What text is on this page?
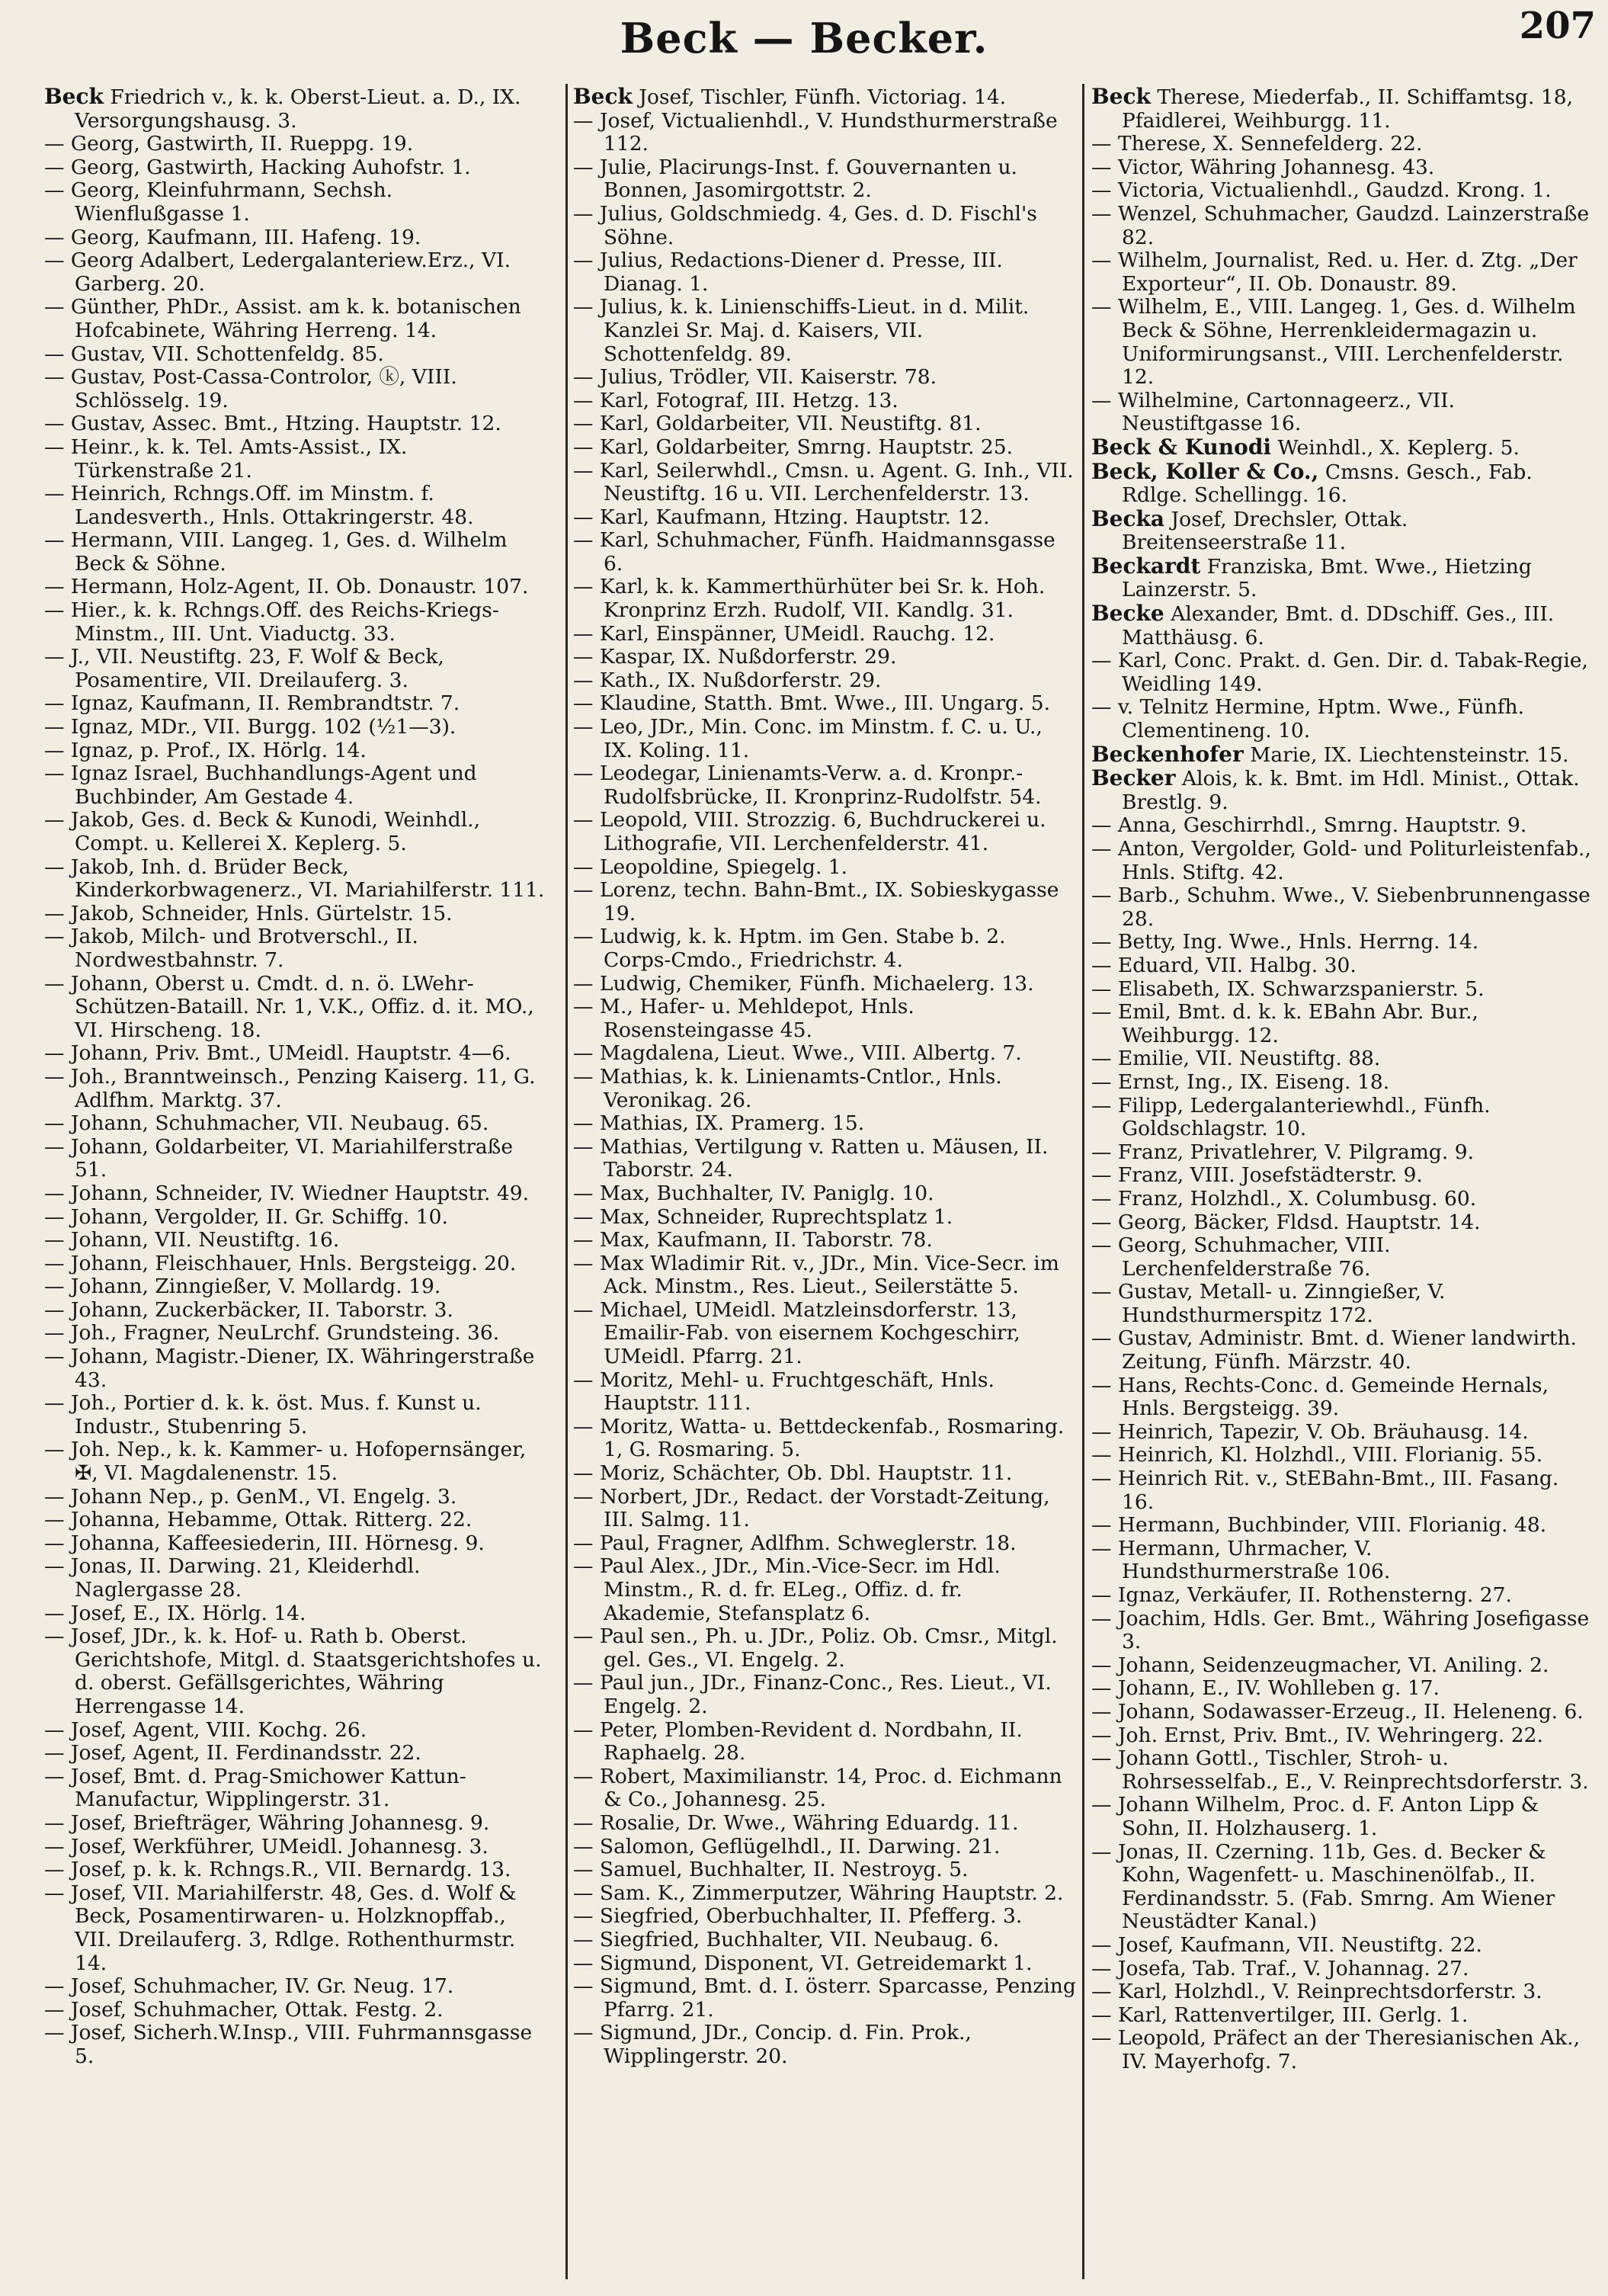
Beck — Becker.	207
Beck Friedrich v., k. k. Oberst-Lieut. a. D., IX. Versorgungshausg. 3.
— Georg, Gastwirth, II. Rueppg. 19.
— Georg, Gastwirth, Hacking Auhofstr. 1.
— Georg, Kleinfuhrmann, Sechsh. Wienflußgasse 1.
— Georg, Kaufmann, III. Hafeng. 19.
— Georg Adalbert, Ledergalanteriew.Erz., VI. Garberg. 20.
— Günther, PhDr., Assist. am k. k. botanischen Hofcabinete, Währing Herreng. 14.
— Gustav, VII. Schottenfeldg. 85.
— Gustav, Post-Cassa-Controlor, ⓚ, VIII. Schlösselg. 19.
— Gustav, Assec. Bmt., Htzing. Hauptstr. 12.
— Heinr., k. k. Tel. Amts-Assist., IX. Türkenstraße 21.
— Heinrich, Rchngs.Off. im Minstm. f. Landesverth., Hnls. Ottakringerstr. 48.
— Hermann, VIII. Langeg. 1, Ges. d. Wilhelm Beck & Söhne.
— Hermann, Holz-Agent, II. Ob. Donaustr. 107.
— Hier., k. k. Rchngs.Off. des Reichs-Kriegs-Minstm., III. Unt. Viaductg. 33.
— J., VII. Neustiftg. 23, F. Wolf & Beck, Posamentire, VII. Dreilauferg. 3.
— Ignaz, Kaufmann, II. Rembrandtstr. 7.
— Ignaz, MDr., VII. Burgg. 102 (½1—3).
— Ignaz, p. Prof., IX. Hörlg. 14.
— Ignaz Israel, Buchhandlungs-Agent und Buchbinder, Am Gestade 4.
— Jakob, Ges. d. Beck & Kunodi, Weinhdl., Compt. u. Kellerei X. Keplerg. 5.
— Jakob, Inh. d. Brüder Beck, Kinderkorbwagenerz., VI. Mariahilferstr. 111.
— Jakob, Schneider, Hnls. Gürtelstr. 15.
— Jakob, Milch- und Brotverschl., II. Nordwestbahnstr. 7.
— Johann, Oberst u. Cmdt. d. n. ö. LWehr-Schützen-Bataill. Nr. 1, V.K., Offiz. d. it. MO., VI. Hirscheng. 18.
— Johann, Priv. Bmt., UMeidl. Hauptstr. 4—6.
— Joh., Branntweinsch., Penzing Kaiserg. 11, G. Adlfhm. Marktg. 37.
— Johann, Schuhmacher, VII. Neubaug. 65.
— Johann, Goldarbeiter, VI. Mariahilferstraße 51.
— Johann, Schneider, IV. Wiedner Hauptstr. 49.
— Johann, Vergolder, II. Gr. Schiffg. 10.
— Johann, VII. Neustiftg. 16.
— Johann, Fleischhauer, Hnls. Bergsteigg. 20.
— Johann, Zinngießer, V. Mollardg. 19.
— Johann, Zuckerbäcker, II. Taborstr. 3.
— Joh., Fragner, NeuLrchf. Grundsteing. 36.
— Johann, Magistr.-Diener, IX. Währingerstraße 43.
— Joh., Portier d. k. k. öst. Mus. f. Kunst u. Industr., Stubenring 5.
— Joh. Nep., k. k. Kammer- u. Hofopernsänger, ✠, VI. Magdalenenstr. 15.
— Johann Nep., p. GenM., VI. Engelg. 3.
— Johanna, Hebamme, Ottak. Ritterg. 22.
— Johanna, Kaffeesiederin, III. Hörnesg. 9.
— Jonas, II. Darwing. 21, Kleiderhdl. Naglergasse 28.
— Josef, E., IX. Hörlg. 14.
— Josef, JDr., k. k. Hof- u. Rath b. Oberst. Gerichtshofe, Mitgl. d. Staatsgerichtshofes u. d. oberst. Gefällsgerichtes, Währing Herrengasse 14.
— Josef, Agent, VIII. Kochg. 26.
— Josef, Agent, II. Ferdinandsstr. 22.
— Josef, Bmt. d. Prag-Smichower Kattun-Manufactur, Wipplingerstr. 31.
— Josef, Briefträger, Währing Johannesg. 9.
— Josef, Werkführer, UMeidl. Johannesg. 3.
— Josef, p. k. k. Rchngs.R., VII. Bernardg. 13.
— Josef, VII. Mariahilferstr. 48, Ges. d. Wolf & Beck, Posamentirwaren- u. Holzknopffab., VII. Dreilauferg. 3, Rdlge. Rothenthurmstr. 14.
— Josef, Schuhmacher, IV. Gr. Neug. 17.
— Josef, Schuhmacher, Ottak. Festg. 2.
— Josef, Sicherh.W.Insp., VIII. Fuhrmannsgasse 5.
Beck Josef, Tischler, Fünfh. Victoriag. 14.
— Josef, Victualienhdl., V. Hundsthurmerstraße 112.
— Julie, Placirungs-Inst. f. Gouvernanten u. Bonnen, Jasomirgottstr. 2.
— Julius, Goldschmiedg. 4, Ges. d. D. Fischl's Söhne.
— Julius, Redactions-Diener d. Presse, III. Dianag. 1.
— Julius, k. k. Linienschiffs-Lieut. in d. Milit. Kanzlei Sr. Maj. d. Kaisers, VII. Schottenfeldg. 89.
— Julius, Trödler, VII. Kaiserstr. 78.
— Karl, Fotograf, III. Hetzg. 13.
— Karl, Goldarbeiter, VII. Neustiftg. 81.
— Karl, Goldarbeiter, Smrng. Hauptstr. 25.
— Karl, Seilerwhdl., Cmsn. u. Agent. G. Inh., VII. Neustiftg. 16 u. VII. Lerchenfelderstr. 13.
— Karl, Kaufmann, Htzing. Hauptstr. 12.
— Karl, Schuhmacher, Fünfh. Haidmannsgasse 6.
— Karl, k. k. Kammerthürhüter bei Sr. k. Hoh. Kronprinz Erzh. Rudolf, VII. Kandlg. 31.
— Karl, Einspänner, UMeidl. Rauchg. 12.
— Kaspar, IX. Nußdorferstr. 29.
— Kath., IX. Nußdorferstr. 29.
— Klaudine, Statth. Bmt. Wwe., III. Ungarg. 5.
— Leo, JDr., Min. Conc. im Minstm. f. C. u. U., IX. Koling. 11.
— Leodegar, Linienamts-Verw. a. d. Kronpr.-Rudolfsbrücke, II. Kronprinz-Rudolfstr. 54.
— Leopold, VIII. Strozzig. 6, Buchdruckerei u. Lithografie, VII. Lerchenfelderstr. 41.
— Leopoldine, Spiegelg. 1.
— Lorenz, techn. Bahn-Bmt., IX. Sobieskygasse 19.
— Ludwig, k. k. Hptm. im Gen. Stabe b. 2. Corps-Cmdo., Friedrichstr. 4.
— Ludwig, Chemiker, Fünfh. Michaelerg. 13.
— M., Hafer- u. Mehldepot, Hnls. Rosensteingasse 45.
— Magdalena, Lieut. Wwe., VIII. Albertg. 7.
— Mathias, k. k. Linienamts-Cntlor., Hnls. Veronikag. 26.
— Mathias, IX. Pramerg. 15.
— Mathias, Vertilgung v. Ratten u. Mäusen, II. Taborstr. 24.
— Max, Buchhalter, IV. Paniglg. 10.
— Max, Schneider, Ruprechtsplatz 1.
— Max, Kaufmann, II. Taborstr. 78.
— Max Wladimir Rit. v., JDr., Min. Vice-Secr. im Ack. Minstm., Res. Lieut., Seilerstätte 5.
— Michael, UMeidl. Matzleinsdorferstr. 13, Emailir-Fab. von eisernem Kochgeschirr, UMeidl. Pfarrg. 21.
— Moritz, Mehl- u. Fruchtgeschäft, Hnls. Hauptstr. 111.
— Moritz, Watta- u. Bettdeckenfab., Rosmaring. 1, G. Rosmaring. 5.
— Moriz, Schächter, Ob. Dbl. Hauptstr. 11.
— Norbert, JDr., Redact. der Vorstadt-Zeitung, III. Salmg. 11.
— Paul, Fragner, Adlfhm. Schweglerstr. 18.
— Paul Alex., JDr., Min.-Vice-Secr. im Hdl. Minstm., R. d. fr. ELeg., Offiz. d. fr. Akademie, Stefansplatz 6.
— Paul sen., Ph. u. JDr., Poliz. Ob. Cmsr., Mitgl. gel. Ges., VI. Engelg. 2.
— Paul jun., JDr., Finanz-Conc., Res. Lieut., VI. Engelg. 2.
— Peter, Plomben-Revident d. Nordbahn, II. Raphaelg. 28.
— Robert, Maximilianstr. 14, Proc. d. Eichmann & Co., Johannesg. 25.
— Rosalie, Dr. Wwe., Währing Eduardg. 11.
— Salomon, Geflügelhdl., II. Darwing. 21.
— Samuel, Buchhalter, II. Nestroyg. 5.
— Sam. K., Zimmerputzer, Währing Hauptstr. 2.
— Siegfried, Oberbuchhalter, II. Pfefferg. 3.
— Siegfried, Buchhalter, VII. Neubaug. 6.
— Sigmund, Disponent, VI. Getreidemarkt 1.
— Sigmund, Bmt. d. I. österr. Sparcasse, Penzing Pfarrg. 21.
— Sigmund, JDr., Concip. d. Fin. Prok., Wipplingerstr. 20.
Beck Therese, Miederfab., II. Schiffamtsg. 18, Pfaidlerei, Weihburgg. 11.
— Therese, X. Sennefelderg. 22.
— Victor, Währing Johannesg. 43.
— Victoria, Victualienhdl., Gaudzd. Krong. 1.
— Wenzel, Schuhmacher, Gaudzd. Lainzerstraße 82.
— Wilhelm, Journalist, Red. u. Her. d. Ztg. „Der Exporteur“, II. Ob. Donaustr. 89.
— Wilhelm, E., VIII. Langeg. 1, Ges. d. Wilhelm Beck & Söhne, Herrenkleidermagazin u. Uniformirungsanst., VIII. Lerchenfelderstr. 12.
— Wilhelmine, Cartonnageerz., VII. Neustiftgasse 16.
Beck & Kunodi Weinhdl., X. Keplerg. 5.
Beck, Koller & Co., Cmsns. Gesch., Fab. Rdlge. Schellingg. 16.
Becka Josef, Drechsler, Ottak. Breitenseerstraße 11.
Beckardt Franziska, Bmt. Wwe., Hietzing Lainzerstr. 5.
Becke Alexander, Bmt. d. DDschiff. Ges., III. Matthäusg. 6.
— Karl, Conc. Prakt. d. Gen. Dir. d. Tabak-Regie, Weidling 149.
— v. Telnitz Hermine, Hptm. Wwe., Fünfh. Clementineng. 10.
Beckenhofer Marie, IX. Liechtensteinstr. 15.
Becker Alois, k. k. Bmt. im Hdl. Minist., Ottak. Brestlg. 9.
— Anna, Geschirrhdl., Smrng. Hauptstr. 9.
— Anton, Vergolder, Gold- und Politurleistenfab., Hnls. Stiftg. 42.
— Barb., Schuhm. Wwe., V. Siebenbrunnengasse 28.
— Betty, Ing. Wwe., Hnls. Herrng. 14.
— Eduard, VII. Halbg. 30.
— Elisabeth, IX. Schwarzspanierstr. 5.
— Emil, Bmt. d. k. k. EBahn Abr. Bur., Weihburgg. 12.
— Emilie, VII. Neustiftg. 88.
— Ernst, Ing., IX. Eiseng. 18.
— Filipp, Ledergalanteriewhdl., Fünfh. Goldschlagstr. 10.
— Franz, Privatlehrer, V. Pilgramg. 9.
— Franz, VIII. Josefstädterstr. 9.
— Franz, Holzhdl., X. Columbusg. 60.
— Georg, Bäcker, Fldsd. Hauptstr. 14.
— Georg, Schuhmacher, VIII. Lerchenfelderstraße 76.
— Gustav, Metall- u. Zinngießer, V. Hundsthurmerspitz 172.
— Gustav, Administr. Bmt. d. Wiener landwirth. Zeitung, Fünfh. Märzstr. 40.
— Hans, Rechts-Conc. d. Gemeinde Hernals, Hnls. Bergsteigg. 39.
— Heinrich, Tapezir, V. Ob. Bräuhausg. 14.
— Heinrich, Kl. Holzhdl., VIII. Florianig. 55.
— Heinrich Rit. v., StEBahn-Bmt., III. Fasang. 16.
— Hermann, Buchbinder, VIII. Florianig. 48.
— Hermann, Uhrmacher, V. Hundsthurmerstraße 106.
— Ignaz, Verkäufer, II. Rothensterng. 27.
— Joachim, Hdls. Ger. Bmt., Währing Josefigasse 3.
— Johann, Seidenzeugmacher, VI. Aniling. 2.
— Johann, E., IV. Wohlleben g. 17.
— Johann, Sodawasser-Erzeug., II. Heleneng. 6.
— Joh. Ernst, Priv. Bmt., IV. Wehringerg. 22.
— Johann Gottl., Tischler, Stroh- u. Rohrsesselfab., E., V. Reinprechtsdorferstr. 3.
— Johann Wilhelm, Proc. d. F. Anton Lipp & Sohn, II. Holzhauserg. 1.
— Jonas, II. Czerning. 11b, Ges. d. Becker & Kohn, Wagenfett- u. Maschinenölfab., II. Ferdinandsstr. 5. (Fab. Smrng. Am Wiener Neustädter Kanal.)
— Josef, Kaufmann, VII. Neustiftg. 22.
— Josefa, Tab. Traf., V. Johannag. 27.
— Karl, Holzhdl., V. Reinprechtsdorferstr. 3.
— Karl, Rattenvertilger, III. Gerlg. 1.
— Leopold, Präfect an der Theresianischen Ak., IV. Mayerhofg. 7.
